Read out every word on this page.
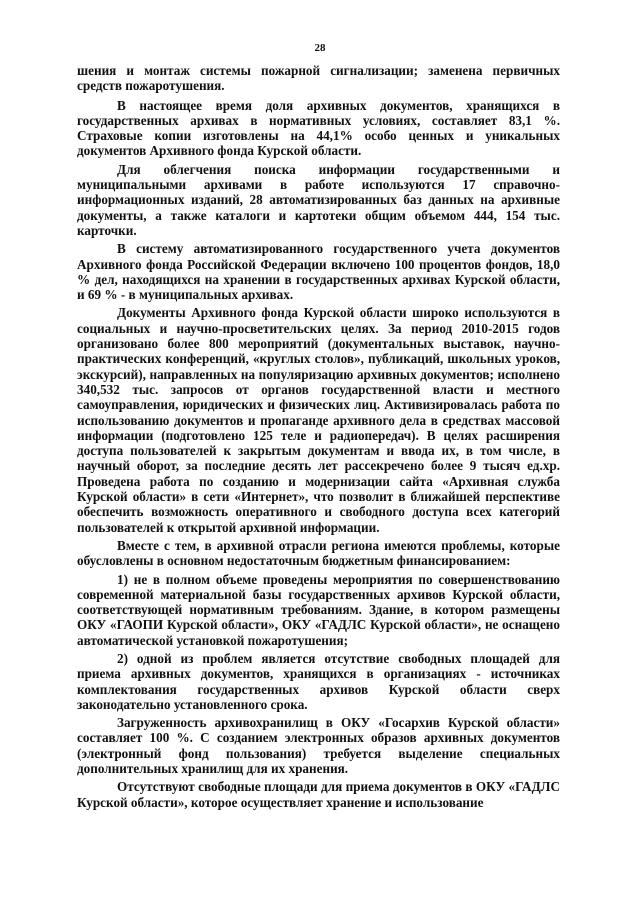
28

шения и монтаж системы пожарной сигнализации; заменена первичных средств пожаротушения.

В настоящее время доля архивных документов, хранящихся в государственных архивах в нормативных условиях, составляет 83,1 %. Страховые копии изготовлены на 44,1% особо ценных и уникальных документов Архивного фонда Курской области.

Для облегчения поиска информации государственными и муниципальными архивами в работе используются 17 справочно-информационных изданий, 28 автоматизированных баз данных на архивные документы, а также каталоги и картотеки общим объемом 444, 154 тыс. карточки.

В систему автоматизированного государственного учета документов Архивного фонда Российской Федерации включено 100 процентов фондов, 18,0 % дел, находящихся на хранении в государственных архивах Курской области, и 69 % - в муниципальных архивах.

Документы Архивного фонда Курской области широко используются в социальных и научно-просветительских целях. За период 2010-2015 годов организовано более 800 мероприятий (документальных выставок, научно-практических конференций, «круглых столов», публикаций, школьных уроков, экскурсий), направленных на популяризацию архивных документов; исполнено 340,532 тыс. запросов от органов государственной власти и местного самоуправления, юридических и физических лиц. Активизировалась работа по использованию документов и пропаганде архивного дела в средствах массовой информации (подготовлено 125 теле и радиопередач). В целях расширения доступа пользователей к закрытым документам и ввода их, в том числе, в научный оборот, за последние десять лет рассекречено более 9 тысяч ед.хр. Проведена работа по созданию и модернизации сайта «Архивная служба Курской области» в сети «Интернет», что позволит в ближайшей перспективе обеспечить возможность оперативного и свободного доступа всех категорий пользователей к открытой архивной информации.

Вместе с тем, в архивной отрасли региона имеются проблемы, которые обусловлены в основном недостаточным бюджетным финансированием:

1) не в полном объеме проведены мероприятия по совершенствованию современной материальной базы государственных архивов Курской области, соответствующей нормативным требованиям. Здание, в котором размещены ОКУ «ГАОПИ Курской области», ОКУ «ГАДЛС Курской области», не оснащено автоматической установкой пожаротушения;

2) одной из проблем является отсутствие свободных площадей для приема архивных документов, хранящихся в организациях - источниках комплектования государственных архивов Курской области сверх законодательно установленного срока.

Загруженность архивохранилищ в ОКУ «Госархив Курской области» составляет 100 %. С созданием электронных образов архивных документов (электронный фонд пользования) требуется выделение специальных дополнительных хранилищ для их хранения.

Отсутствуют свободные площади для приема документов в ОКУ «ГАДЛС Курской области», которое осуществляет хранение и использование
